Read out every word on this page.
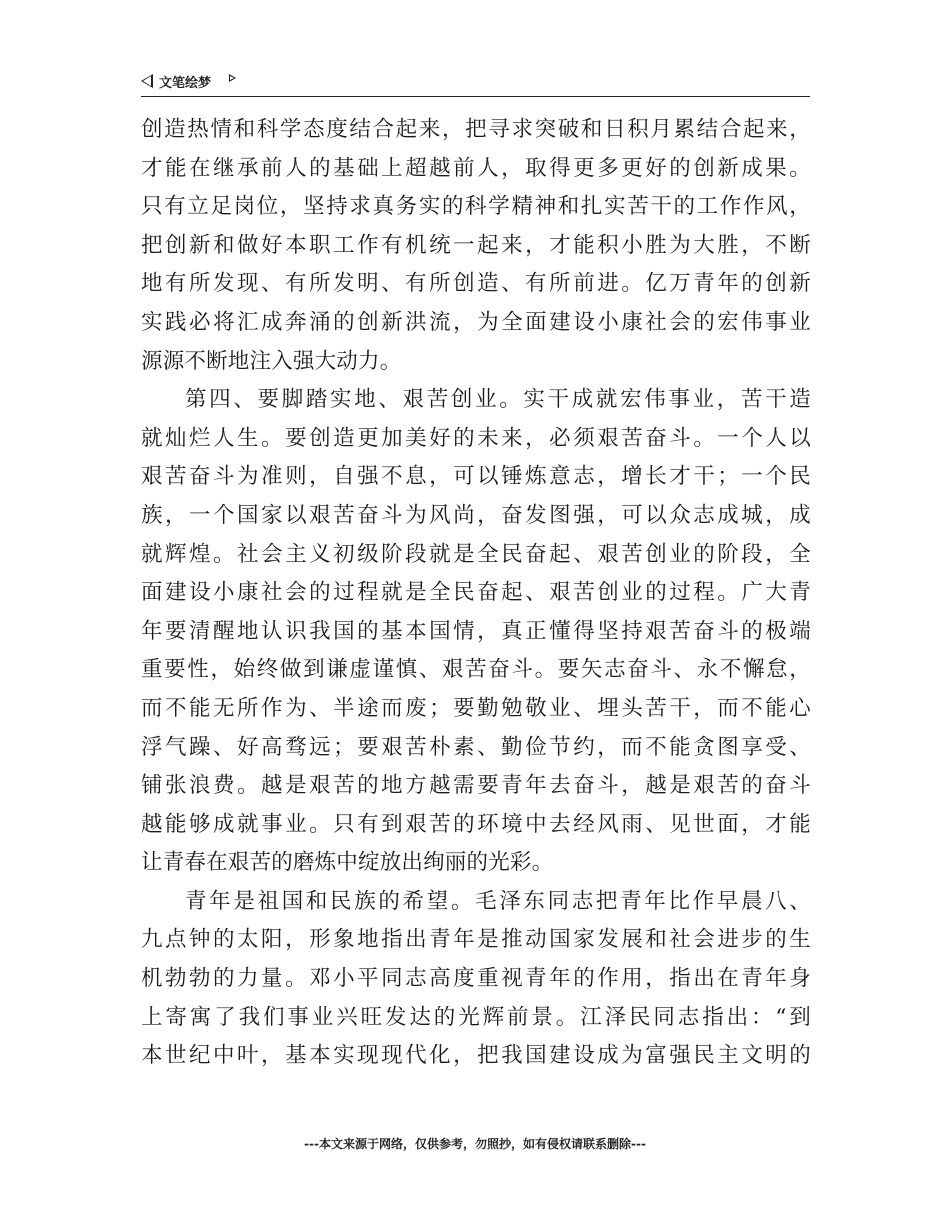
文笔绘梦
创造热情和科学态度结合起来，把寻求突破和日积月累结合起来，
才能在继承前人的基础上超越前人，取得更多更好的创新成果。
只有立足岗位，坚持求真务实的科学精神和扎实苦干的工作作风，
把创新和做好本职工作有机统一起来，才能积小胜为大胜，不断
地有所发现、有所发明、有所创造、有所前进。亿万青年的创新
实践必将汇成奔涌的创新洪流，为全面建设小康社会的宏伟事业
源源不断地注入强大动力。
第四、要脚踏实地、艰苦创业。实干成就宏伟事业，苦干造
就灿烂人生。要创造更加美好的未来，必须艰苦奋斗。一个人以
艰苦奋斗为准则，自强不息，可以锤炼意志，增长才干；一个民
族，一个国家以艰苦奋斗为风尚，奋发图强，可以众志成城，成
就辉煌。社会主义初级阶段就是全民奋起、艰苦创业的阶段，全
面建设小康社会的过程就是全民奋起、艰苦创业的过程。广大青
年要清醒地认识我国的基本国情，真正懂得坚持艰苦奋斗的极端
重要性，始终做到谦虚谨慎、艰苦奋斗。要矢志奋斗、永不懈怠，
而不能无所作为、半途而废；要勤勉敬业、埋头苦干，而不能心
浮气躁、好高骛远；要艰苦朴素、勤俭节约，而不能贪图享受、
铺张浪费。越是艰苦的地方越需要青年去奋斗，越是艰苦的奋斗
越能够成就事业。只有到艰苦的环境中去经风雨、见世面，才能
让青春在艰苦的磨炼中绽放出绚丽的光彩。
青年是祖国和民族的希望。毛泽东同志把青年比作早晨八、
九点钟的太阳，形象地指出青年是推动国家发展和社会进步的生
机勃勃的力量。邓小平同志高度重视青年的作用，指出在青年身
上寄寓了我们事业兴旺发达的光辉前景。江泽民同志指出：“到
本世纪中叶，基本实现现代化，把我国建设成为富强民主文明的
---本文来源于网络，仅供参考，勿照抄，如有侵权请联系删除---
